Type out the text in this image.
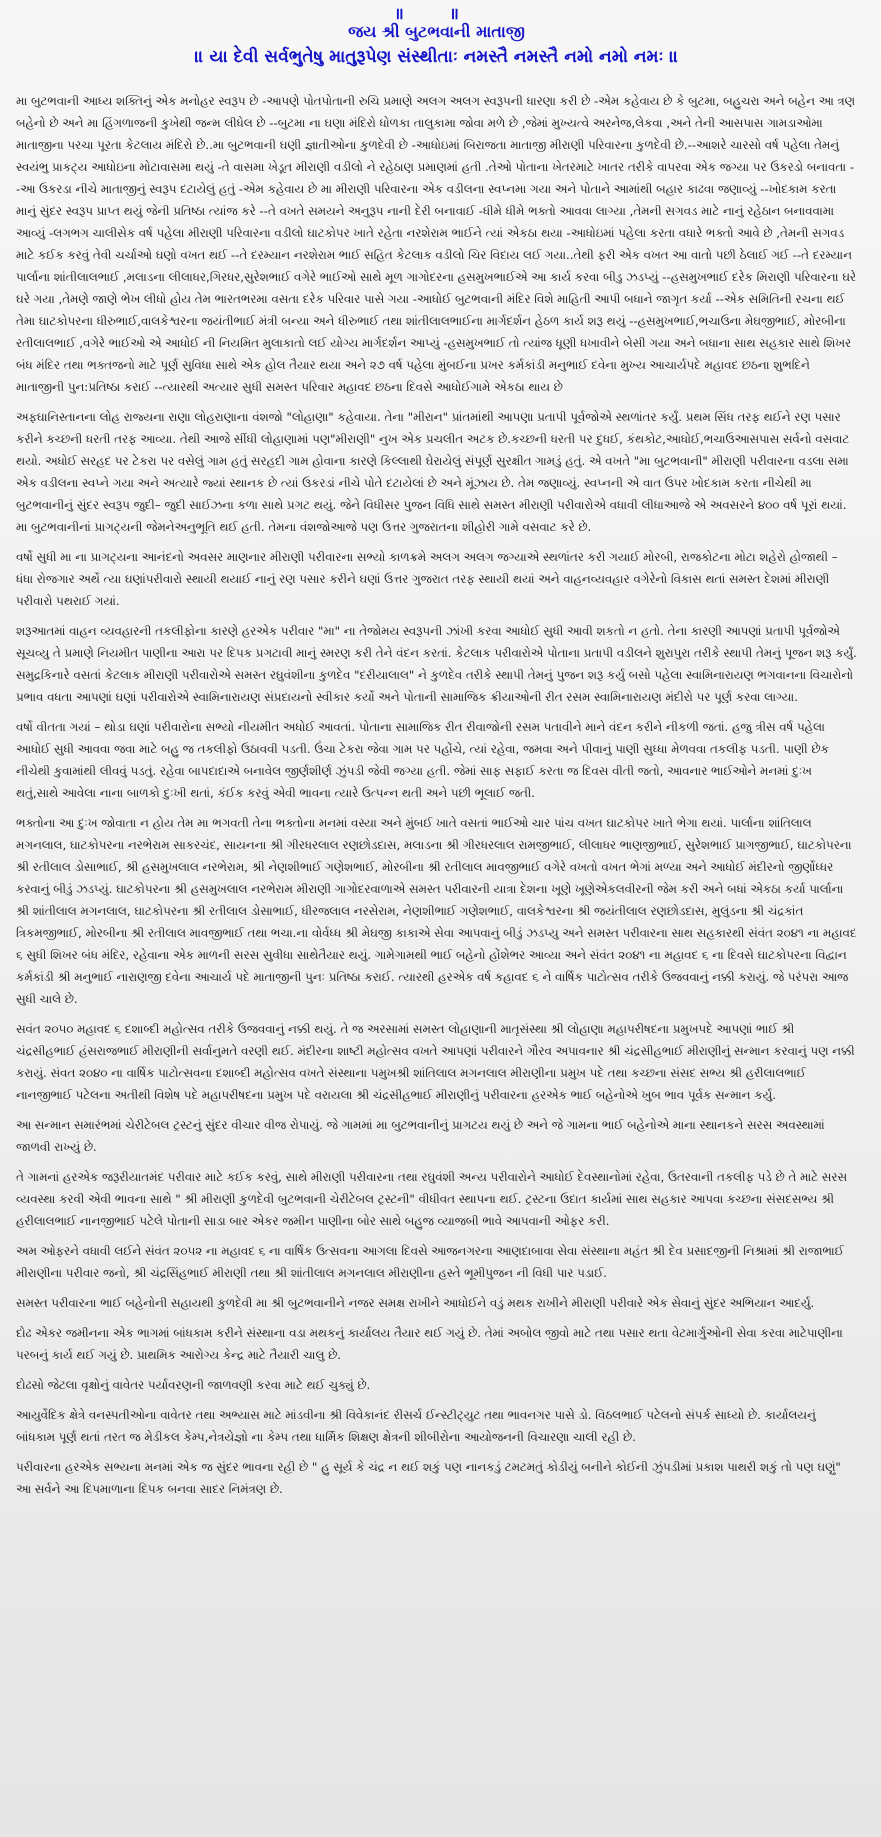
॥ ॥
જય શ્રી બુટભવાની માતાજી
॥ યા દેવી સર્વભુતેષુ માતુરૂપેણ સંસ્થીતાઃ નમસ્તૈ નમસ્તૈ નમો નમો નમઃ ॥

મા બુટભવાની આધ્ય શક્તિનું એક મનોહર સ્વરૂપ છે -આપણે પોતપોતાની રુચિ પ્રમાણે અલગ અલગ સ્વરૂપની ધારણા કરી છે -એમ કહેવાય છે કે બુટમા, બહુચરા અને બહેન આ ત્રણ બહેનો છે અને મા હિંગળાજની કુખેથી જન્મ લીધેલ છે --બુટમા ના ઘણા મંદિરો ધોળકા તાલુકામા જોવા મળે છે ,જેમાં મુખ્યત્વે અરનેજ,લેકવા ,અને તેની આસપાસ ગામડાઓમા માતાજીના પરચા પૂરતા કેટલાય મંદિરો છે..મા બુટભવાની ઘણી જ્ઞાતીઓના કુળદેવી છે -આધોઇમાં બિરાજતા માતાજી મીરાણી પરિવારના કુળદેવી છે.--આશરે ચારસો વર્ષ પહેલા તેમનું સ્વયંભુ પ્રાકટ્ય આધોઇના મોટાવાસમા થયું -તે વાસમા ખેડૂત મીરાણી વડીલો ને રહેઠાણ પ્રમાણમાં હતી .તેઓ પોતાના ખેતરમાટે ખાતર તરીકે વાપરવા એક જગ્યા પર ઉકરડો બનાવતા --આ ઉકરડા નીચે માતાજીનું સ્વરૂપ દટાયેલું હતું -એમ કહેવાય છે મા મીરાણી પરિવારના એક વડીલના સ્વપ્નમા ગયા અને પોતાને આમાંથી બહાર કાઢવા જણાવ્યું --ખોદકામ કરતા માનું સુંદર સ્વરૂપ પ્રાપ્ત થયું જેની પ્રતિષ્ઠા ત્યાંજ કરે --તે વખતે સમયને અનુરૂપ નાની દેરી બનાવાઈ -ધીમે ધીમે ભક્તો આવવા લાગ્યા ,તેમની સગવડ માટે નાનું રહેઠાન બનાવવામા આવ્યું -લગભગ ચાલીસેક વર્ષ પહેલા મીરાણી પરિવારના વડીલો ઘાટકોપર ખાતે રહેતા નરશેરામ ભાઈને ત્યાં એકઠા થયા -આધોઇમાં પહેલા કરતા વધારે ભક્તો આવે છે ,તેમની સગવડ માટે કઈક કરવું તેવી ચર્ચાઓ ઘણો વખત થઈ --તે દરમ્યાન નરશેરામ ભાઈ સહિત કેટલાક વડીલો ચિર વિદાય લઈ ગયા..તેથી ફરી એક વખત આ વાતો પછી ઠેલાઈ ગઈ --તે દરમ્યાન પાર્લાના શાંતીલાલભાઈ ,મલાડના લીલાધર,ગિરધર,સુરેશભાઈ વગેરે ભાઈઓ સાથે મૂળ ગાગોદરના હસમુખભાઈએ આ કાર્ય કરવા બીડુ ઝડપ્યું --હસમુખભાઈ દરેક મિરાણી પરિવારના ઘરે ઘરે ગયા ,તેમણે જાણે ભેખ લીધો હોય તેમ ભારતભરમા વસતા દરેક પરિવાર પાસે ગયા -આધોઈ બુટભવાની મંદિર વિશે માહિતી આપી બધાને જાગૃત કર્યા --એક સમિતિની રચના થઈ તેમા ઘાટકોપરના ધીરુભાઈ,વાલકેશ્વરના જયંતીભાઈ મંત્રી બન્યા અને ધીરુભાઈ તથા શાંતીલાલભાઈના માર્ગદર્શન હેઠળ કાર્ય શરૂ થયું --હસમુખભાઈ,ભચાઉના મેઘજીભાઈ, મોરબીના રતીલાલભાઈ ,વગેરે ભાઈઓ એ આધોઈ ની નિયમિત મુલાકાતો લઈ યોગ્ય માર્ગદર્શન આપ્યું -હસમુખભાઈ તો ત્યાંજ ધૂણી ધખાવીને બેસી ગયા અને બધાના સાથ સહકાર સાથે શિખર બંધ મંદિર તથા ભક્તજનો માટે પૂર્ણ સુવિધા સાથે એક હોલ તૈયાર થયા અને ૨૭ વર્ષ પહેલા મુંબઈના પ્રખર કર્મકાંડી મનુભાઈ દવેના મુખ્ય આચાર્યપદે મહાવદ છઠના શુભદિને માતાજીની પુન:પ્રતિષ્ઠા કરાઈ --ત્યારથી અત્યાર સુધી સમસ્ત પરિવાર મહાવદ છઠના દિવસે આધોઈગામે એકઠા થાય છે

અફઘાનિસ્તાનના લોહ રાજ્યના રાણા લોહરાણાના વંશજો "લોહાણા" કહેવાયા. તેના "મીરાન" પ્રાંતમાંથી આપણા પ્રતાપી પૂર્વજોએ સ્થળાંતર કર્યું. પ્રથમ સિંધ તરફ થઈને રણ પસાર કરીને કચ્છની ધરતી તરફ આવ્યા. તેથી આજે સીંધી લોહાણામાં પણ"મીરાણી" નુખ એક પ્રચલીત અટક છે.કચ્છની ધરતી પર દુધઈ, કંથકોટ,આધોઈ,ભચાઉઆસપાસ સર્વનો વસવાટ થયો. અધોઈ સરહદ પર ટેકરા પર વસેલું ગામ હતું સરહદી ગામ હોવાના કારણે કિલ્લાથી ઘેરાયેલું સંપૂર્ણ સુરક્ષીત ગામડું હતું. એ વખતે "મા બુટભવાની" મીરાણી પરીવારના વડલા સમા એક વડીલના સ્વપ્ને ગયા અને અત્યારે જ્યાં સ્થાનક છે ત્યાં ઉકરડાં નીચે પોતે દટાયેલાં છે અને મૂંઝાય છે. તેમ જણાવ્યું. સ્વપ્નની એ વાત ઉપર ખોદકામ કરતા નીચેથી મા બુટભવાનીનું સુંદર સ્વરૂપ જુદી– જુદી સાઈઝના કળા સાથે પ્રગટ થયું. જેને વિધીસર પુજન વિધિ સાથે સમસ્ત મીરાણી પરીવારોએ વધાવી લીધાઆજે એ અવસરને ૪૦૦ વર્ષ પૂરાં થયાં. મા બુટભવાનીનાં પ્રાગટ્યની જેમનેઅનુભૂતિ થઈ હતી. તેમના વંશજોઆજે પણ ઉત્તર ગુજરાતના શીહોરી ગામે વસવાટ કરે છે.

વર્ષો સુધી મા ના પ્રાગટ્યના આનંદનો અવસર માણનાર મીરાણી પરીવારના સભ્યો કાળક્રમે અલગ અલગ જગ્યાએ સ્થળાંતર કરી ગયાઈ મોરબી, રાજકોટના મોટા શહેરો હોજાથી – ધંધા રોજગાર અર્થે ત્યા ઘણાંપરીવારો સ્થાયી થયાઈ નાનું રણ પસાર કરીને ઘણાં ઉત્તર ગુજરાત તરફ સ્થાયી થયાં અને વાહનવ્યવહાર વગેરેનો વિકાસ થતાં સમસ્ત દેશમાં મીરાણી પરીવારો પથરાઈ ગયાં.

શરૂઆતમાં વાહન વ્યવહારની તકલીફોના કારણે હરએક પરીવાર "મા" ના તેજોમય સ્વરૂપની ઝાંખી કરવા આધોઈ સુધી આવી શકતો ન હતો. તેના કારણી આપણાં પ્રતાપી પૂર્વજોએ સૂચવ્યુ તે પ્રમાણે નિયમીત પાણીના આરા પર દિપક પ્રગટાવી માનું સ્મરણ કરી તેને વંદન કરતાં. કેટલાક પરીવારોએ પોતાના પ્રતાપી વડીલને શુરાપુરા તરીકે સ્થાપી તેમનું પૂજન શરૂ કર્યું. સમુદ્રકિનારે વસતાં કેટલાક મીરાણી પરીવારોએ સમસ્ત રઘુવંશીના કુળદેવ "દરીયાલાલ" ને કુળદેવ તરીકે સ્થાપી તેમનું પુજન શરૂ કર્યુ બસો પહેલા સ્વામિનારાયણ ભગવાનના વિચારોનો પ્રભાવ વધતા આપણાં ઘણાં પરીવારોએ સ્વામિનારાયણ સંપ્રદાયનો સ્વીકાર કર્યો અને પોતાની સામાજિક ક્રીયાઓની રીત રસમ સ્વામિનારાયણ મંદીરો પર પૂર્ણ કરવા લાગ્યા.

વર્ષો વીતતા ગયાં – થોડા ઘણાં પરીવારોના સભ્યો નીયમીત અધોઈ આવતાં. પોતાના સામાજિક રીત રીવાજોની રસમ પતાવીને માને વંદન કરીને નીકળી જતાં. હજુ ત્રીસ વર્ષ પહેલા આધોઈ સુધી આવવા જવા માટે બહુ જ તકલીફો ઉઠાવવી પડતી. ઉંચા ટેકરા જેવા ગામ પર પહોંચે, ત્યાં રહેવા, જમવા અને પીવાનું પાણી સુધ્ધા મેળવવા તકલીફ પડતી. પાણી છેક નીચેથી કુવામાંથી લીવવું પડતું. રહેવા બાપદાદાએ બનાવેલ જીર્ણશીર્ણ ઝુંપડી જેવી જગ્યા હતી. જેમાં સાફ સફાઈ કરતા જ દિવસ વીતી જતો, આવનાર ભાઈઓને મનમાં દુઃખ થતું,સાથે આવેલા નાના બાળકો દુઃખી થતાં, કંઈક કરવું એવી ભાવના ત્યારે ઉત્પન્ન થતી અને પછી ભૂલાઈ જતી.

ભક્તોના આ દુઃખ જોવાતા ન હોય તેમ મા ભગવતી તેના ભક્તોના મનમાં વસ્યા અને મુંબઈ ખાતે વસતાં ભાઈઓ ચાર પાંચ વખત ઘાટકોપર ખાતે ભેગા થયાં. પાર્લાના શાંતિલાલ મગનલાલ, ઘાટકોપરના નરભેરામ સાકરચંદ, સાયનના શ્રી ગીરધરલાલ રણછોડદાસ, મલાડના શ્રી ગીરધરલાલ રામજીભાઈ, લીલાધર ભાણજીભાઈ, સુરેશભાઈ પ્રાગજીભાઈ, ઘાટકોપરના શ્રી રતીલાલ ડોસાભાઈ, શ્રી હસમુખલાલ નરભેરામ, શ્રી નેણશીભાઈ ગણેશભાઈ, મોરબીના શ્રી રતીલાલ માવજીભાઈ વગેરે વખતો વખત ભેગાં મળ્યા અને આધોઈ મંદીરનો જીર્ણોધ્ધર કરવાનું બીડું ઝડપ્યું. ઘાટકોપરના શ્રી હસમુખલાલ નરભેરામ મીરાણી ગાગોદરવાળાએ સમસ્ત પરીવારની યાત્રા દેશના ખૂણે ખૂણેએકલવીરની જેમ કરી અને બધાં એકઠા કર્યા પાર્લાના શ્રી શાંતીલાલ મગનલાલ, ઘાટકોપરના શ્રી રતીલાલ ડોસાભાઈ, ધીરજલાલ નરસેરામ, નેણશીભાઈ ગણેશભાઈ, વાલકેશ્વરના શ્રી જયંતીલાલ રણછોડદાસ, મુલુંડના શ્રી ચંદ્રકાંત ત્રિકમજીભાઈ, મોરબીના શ્રી રતીલાલ માવજીભાઈ તથા ભચા.ના વોર્વધ્ધ શ્રી મેઘજી કાકાએ સેવા આપવાનું બીડું ઝડપ્યુ અને સમસ્ત પરીવારના સાથ સહકારથી સંવંત ૨૦૪૧ ના મહાવદ ૬ સુધી શિખર બંધ મંદિર, રહેવાના એક માળની સરસ સુવીધા સાથેતૈયાર થયું. ગામેગામથી ભાઈ બહેનો હોંશેભર આવ્યા અને સંવંત ૨૦૪૧ ના મહાવદ ૬ ના દિવસે ઘાટકોપરના વિદ્વાન કર્મકાંડી શ્રી મનુભાઈ નારાણજી દવેના આચાર્ય પદે માતાજીની પુનઃ પ્રતિષ્ઠા કરાઈ. ત્યારથી હરએક વર્ષ કહાવદ ૬ ને વાર્ષિક પાટોત્સવ તરીકે ઉજવવાનું નક્કી કરાયું. જે પરંપરા આજ સુધી ચાલે છે.

સવંત ૨૦૫૦ મહાવદ ૬ દશાબ્દી મહોત્સવ તરીકે ઉજવવાનું નક્કી થયું. તે જ અરસામાં સમસ્ત લોહાણાની માતૃસંસ્થા શ્રી લોહાણા મહાપરીષદના પ્રમુખપદે આપણાં ભાઈ શ્રી ચંદ્રસીહભાઈ હંસરાજભાઈ મીરાણીની સર્વાનુમતે વરણી થઈ. મંદીરના શાષ્ટી મહોત્સવ વખતે આપણાં પરીવારને ગૌરવ અપાવનાર શ્રી ચંદ્રસીહભાઈ મીરાણીનું સન્માન કરવાનું પણ નક્કી કરાયું. સંવત ૨૦૪૦ ના વાર્ષિક પાટોત્સવના દશાબ્દી મહોત્સવ વખતે સંસ્થાના પમુખશ્રી શાંતિલાલ મગનલાલ મીરાણીના પ્રમુખ પદે તથા કચ્છના સંસદ સભ્ય શ્રી હરીલાલભાઈ નાનજીભાઈ પટેલના અતીથી વિશેષ પદે મહાપરીષદના પ્રમુખ પદે વરાયલા શ્રી ચંદ્રસીહભાઈ મીરાણીનું પરીવારના હરએક ભાઈ બહેનોએ ખુબ ભાવ પૂર્વક સન્માન કર્યુ.

આ સન્માન સમારંભમાં ચેરીટેબલ ટ્રસ્ટનું સુંદર વીચાર વીજ રોપાયું. જે ગામમાં મા બુટભવાનીનું પ્રાગટય થયું છે અને જે ગામના ભાઈ બહેનોએ માના સ્થાનકને સરસ અવસ્થામાં જાળવી રાખ્યું છે.

તે ગામનાં હરએક જરૂરીયાતમંદ પરીવાર માટે કઈક કરવું, સાથે મીરાણી પરીવારના તથા રઘુવંશી અન્ય પરીવારોને આધોઈ દેવસ્થાનોમાં રહેવા, ઉતરવાની તકલીફ પડે છે તે માટે સરસ વ્યવસ્થા કરવી એવી ભાવના સાથે " શ્રી મીરાણી કુળદેવી બુટભવાની ચેરીટેબલ ટ્રસ્ટની" વીધીવત સ્થાપના થઈ. ટ્રસ્ટના ઉદાત કાર્યમાં સાથ સહકાર આપવા કચ્છના સંસદસભ્ય શ્રી હરીલાલભાઈ નાનજીભાઈ પટેલે પોતાની સાડા બાર એકર જમીન પાણીના બોર સાથે બહુજ વ્યાજબી ભાવે આપવાની ઓફર કરી.

અમ ઓફરને વધાવી લઈને સંવંત ૨૦૫૨ ના મહાવદ ૬ ના વાર્ષિક ઉત્સવના આગલા દિવસે આજનગરના આણદાબાવા સેવા સંસ્થાના મહંત શ્રી દેવ પ્રસાદજીની નિશ્રામાં શ્રી રાજાભાઈ મીરાણીના પરીવાર જનો, શ્રી ચંદ્રસિંહભાઈ મીરાણી તથા શ્રી શાંતીલાલ મગનલાલ મીરાણીના હસ્તે ભૂમીપુજન ની વિધી પાર પડાઈ.

સમસ્ત પરીવારના ભાઈ બહેનોની સહાયથી કુળદેવી મા શ્રી બુટભવાનીને નજર સમક્ષ રાખીને આધોઈને વડું મથક રાખીને મીરાણી પરીવારે એક સેવાનું સુંદર અભિયાન આદર્યુ.

દોઢ એકર જમીનના એક ભાગમાં બાંધકામ કરીને સંસ્થાના વડા મથકનું કાર્યાલય તૈયાર થઈ ગયું છે. તેમાં અબોલ જીવો માટે તથા પસાર થતા વેટમાર્ગુઓની સેવા કરવા માટેપાણીના પરબનું કાર્ય થઈ ગયું છે. પ્રાથમિક આરોગ્ય કેન્દ્ર માટે તૈયારી ચાલુ છે.

દોઢસો જેટલા વૃક્ષોનું વાવેતર પર્યાવરણની જાળવણી કરવા માટે થઈ ચુક્યું છે.

આયુર્વેદિક ક્ષેત્રે વનસ્પતીઓના વાવેતર તથા અભ્યાસ માટે માંડવીના શ્રી વિવેકાનંદ રીસર્ચ ઈન્સ્ટીટ્યુટ તથા ભાવનગર પાસે ડો. વિઠલભાઈ પટેલનો સંપર્ક સાધ્યો છે. કાર્યાલયનું બાંધકામ પૂર્ણ થતાં તરત જ મેડીકલ કેમ્પ,નેત્રયેજ્ઞો ના કેમ્પ તથા ધાર્મિક શિક્ષણ ક્ષેત્રની શીબીરોના આયોજનની વિચારણા ચાલી રહી છે.

પરીવારના હરએક સભ્યના મનમાં એક જ સુંદર ભાવના રહી છે " હુ સૂર્ય કે ચંદ્ર ન થઈ શકું પણ નાનકડું ટમટમતું કોડીયું બનીને કોઈની ઝુંપડીમાં પ્રકાશ પાથરી શકું તો પણ ઘણું" આ સર્વને આ દિપમાળાના દિપક બનવા સાદર નિમંત્રણ છે.
